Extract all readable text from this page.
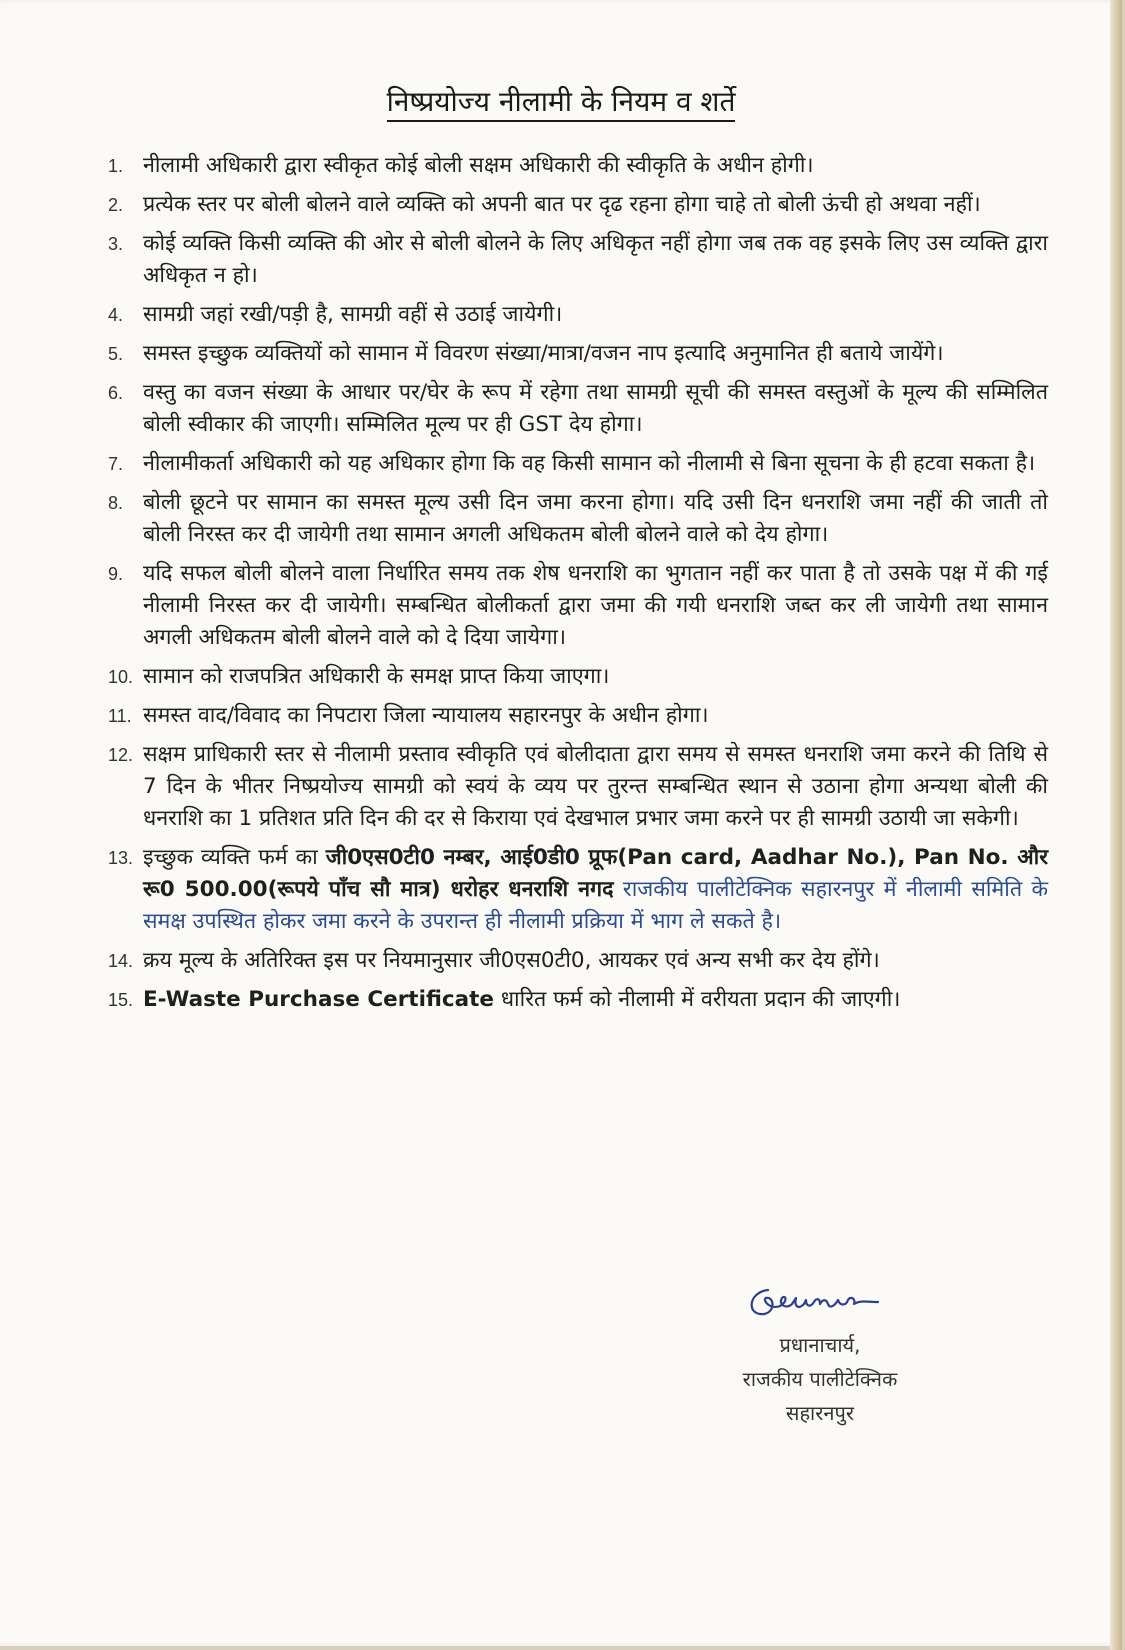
निष्प्रयोज्य नीलामी के नियम व शर्ते
1. नीलामी अधिकारी द्वारा स्वीकृत कोई बोली सक्षम अधिकारी की स्वीकृति के अधीन होगी।
2. प्रत्येक स्तर पर बोली बोलने वाले व्यक्ति को अपनी बात पर दृढ रहना होगा चाहे तो बोली ऊंची हो अथवा नहीं।
3. कोई व्यक्ति किसी व्यक्ति की ओर से बोली बोलने के लिए अधिकृत नहीं होगा जब तक वह इसके लिए उस व्यक्ति द्वारा अधिकृत न हो।
4. सामग्री जहां रखी/पड़ी है, सामग्री वहीं से उठाई जायेगी।
5. समस्त इच्छुक व्यक्तियों को सामान में विवरण संख्या/मात्रा/वजन नाप इत्यादि अनुमानित ही बताये जायेंगे।
6. वस्तु का वजन संख्या के आधार पर/घेर के रूप में रहेगा तथा सामग्री सूची की समस्त वस्तुओं के मूल्य की सम्मिलित बोली स्वीकार की जाएगी। सम्मिलित मूल्य पर ही GST देय होगा।
7. नीलामीकर्ता अधिकारी को यह अधिकार होगा कि वह किसी सामान को नीलामी से बिना सूचना के ही हटवा सकता है।
8. बोली छूटने पर सामान का समस्त मूल्य उसी दिन जमा करना होगा। यदि उसी दिन धनराशि जमा नहीं की जाती तो बोली निरस्त कर दी जायेगी तथा सामान अगली अधिकतम बोली बोलने वाले को देय होगा।
9. यदि सफल बोली बोलने वाला निर्धारित समय तक शेष धनराशि का भुगतान नहीं कर पाता है तो उसके पक्ष में की गई नीलामी निरस्त कर दी जायेगी। सम्बन्धित बोलीकर्ता द्वारा जमा की गयी धनराशि जब्त कर ली जायेगी तथा सामान अगली अधिकतम बोली बोलने वाले को दे दिया जायेगा।
10. सामान को राजपत्रित अधिकारी के समक्ष प्राप्त किया जाएगा।
11. समस्त वाद/विवाद का निपटारा जिला न्यायालय सहारनपुर के अधीन होगा।
12. सक्षम प्राधिकारी स्तर से नीलामी प्रस्ताव स्वीकृति एवं बोलीदाता द्वारा समय से समस्त धनराशि जमा करने की तिथि से 7 दिन के भीतर निष्प्रयोज्य सामग्री को स्वयं के व्यय पर तुरन्त सम्बन्धित स्थान से उठाना होगा अन्यथा बोली की धनराशि का 1 प्रतिशत प्रति दिन की दर से किराया एवं देखभाल प्रभार जमा करने पर ही सामग्री उठायी जा सकेगी।
13. इच्छुक व्यक्ति फर्म का जी0एस0टी0 नम्बर, आई0डी0 प्रूफ(Pan card, Aadhar No.), Pan No. और रू0 500.00(रूपये पाँच सौ मात्र) धरोहर धनराशि नगद राजकीय पालीटेक्निक सहारनपुर में नीलामी समिति के समक्ष उपस्थित होकर जमा करने के उपरान्त ही नीलामी प्रक्रिया में भाग ले सकते है।
14. क्रय मूल्य के अतिरिक्त इस पर नियमानुसार जी0एस0टी0, आयकर एवं अन्य सभी कर देय होंगे।
15. E-Waste Purchase Certificate धारित फर्म को नीलामी में वरीयता प्रदान की जाएगी।
प्रधानाचार्य,
राजकीय पालीटेक्निक
सहारनपुर
